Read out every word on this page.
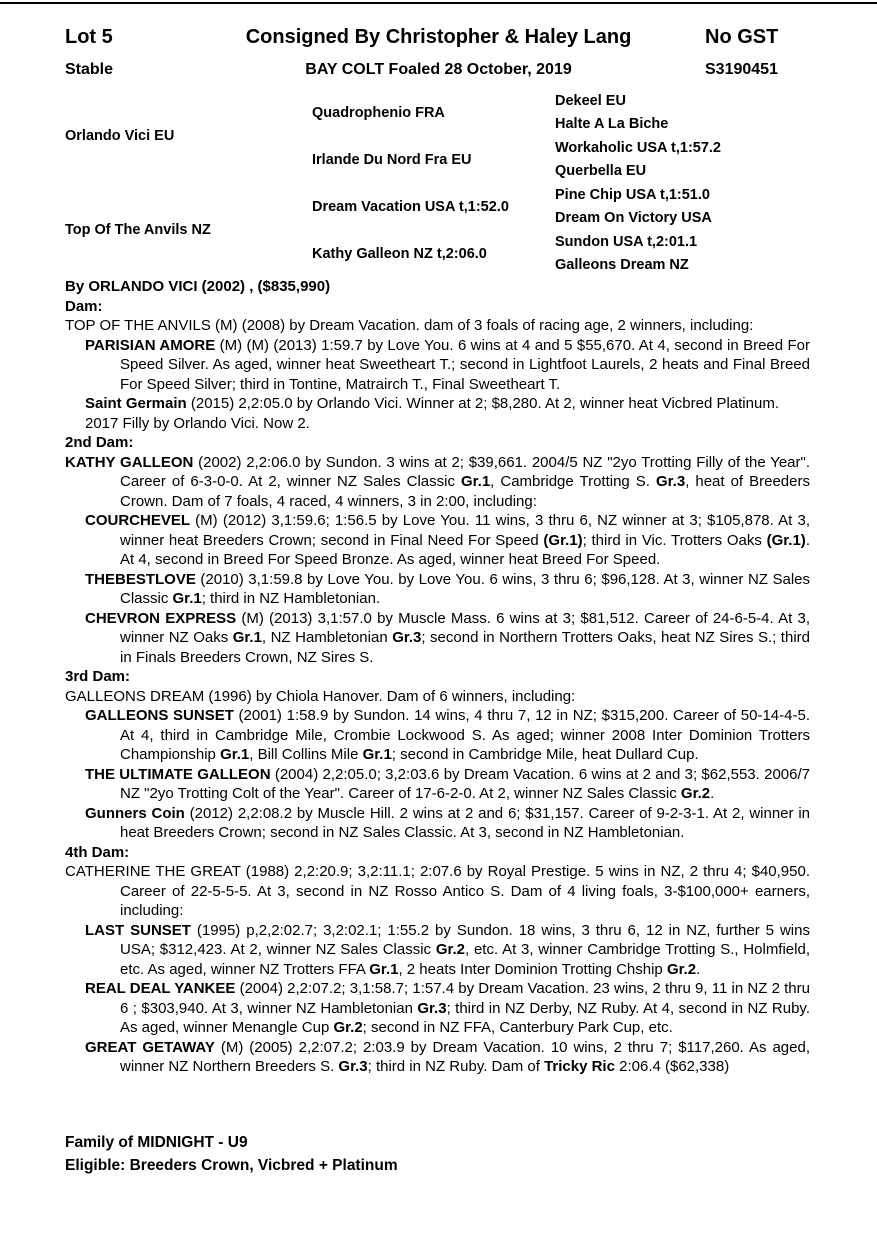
Lot 5	Consigned By Christopher & Haley Lang	No GST
Stable	BAY COLT Foaled 28 October, 2019	S3190451
Orlando Vici EU
Top Of The Anvils NZ
Quadrophenio FRA
Irlande Du Nord Fra EU
Dream Vacation USA t,1:52.0
Kathy Galleon NZ t,2:06.0
Dekeel EU
Halte A La Biche
Workaholic USA t,1:57.2
Querbella EU
Pine Chip USA t,1:51.0
Dream On Victory USA
Sundon USA t,2:01.1
Galleons Dream NZ

By ORLANDO VICI (2002) , ($835,990)

Dam:

TOP OF THE ANVILS (M) (2008) by Dream Vacation. dam of 3 foals of racing age, 2 winners, including:

PARISIAN AMORE (M) (M) (2013) 1:59.7 by Love You. 6 wins at 4 and 5 $55,670. At 4, second in Breed For Speed Silver. As aged, winner heat Sweetheart T.; second in Lightfoot Laurels, 2 heats and Final Breed For Speed Silver; third in Tontine, Matrairch T., Final Sweetheart T.

Saint Germain (2015) 2,2:05.0 by Orlando Vici. Winner at 2; $8,280. At 2, winner heat Vicbred Platinum.

2017 Filly by Orlando Vici. Now 2.

2nd Dam:

KATHY GALLEON (2002) 2,2:06.0 by Sundon. 3 wins at 2; $39,661. 2004/5 NZ "2yo Trotting Filly of the Year". Career of 6-3-0-0. At 2, winner NZ Sales Classic Gr.1, Cambridge Trotting S. Gr.3, heat of Breeders Crown. Dam of 7 foals, 4 raced, 4 winners, 3 in 2:00, including:

COURCHEVEL (M) (2012) 3,1:59.6; 1:56.5 by Love You. 11 wins, 3 thru 6, NZ winner at 3; $105,878. At 3, winner heat Breeders Crown; second in Final Need For Speed (Gr.1); third in Vic. Trotters Oaks (Gr.1). At 4, second in Breed For Speed Bronze. As aged, winner heat Breed For Speed.

THEBESTLOVE (2010) 3,1:59.8 by Love You. by Love You. 6 wins, 3 thru 6; $96,128. At 3, winner NZ Sales Classic Gr.1; third in NZ Hambletonian.

CHEVRON EXPRESS (M) (2013) 3,1:57.0 by Muscle Mass. 6 wins at 3; $81,512. Career of 24-6-5-4. At 3, winner NZ Oaks Gr.1, NZ Hambletonian Gr.3; second in Northern Trotters Oaks, heat NZ Sires S.; third in Finals Breeders Crown, NZ Sires S.

3rd Dam:

GALLEONS DREAM (1996) by Chiola Hanover. Dam of 6 winners, including:

GALLEONS SUNSET (2001) 1:58.9 by Sundon. 14 wins, 4 thru 7, 12 in NZ; $315,200. Career of 50-14-4-5. At 4, third in Cambridge Mile, Crombie Lockwood S. As aged; winner 2008 Inter Dominion Trotters Championship Gr.1, Bill Collins Mile Gr.1; second in Cambridge Mile, heat Dullard Cup.

THE ULTIMATE GALLEON (2004) 2,2:05.0; 3,2:03.6 by Dream Vacation. 6 wins at 2 and 3; $62,553. 2006/7 NZ "2yo Trotting Colt of the Year". Career of 17-6-2-0. At 2, winner NZ Sales Classic Gr.2.

Gunners Coin (2012) 2,2:08.2 by Muscle Hill. 2 wins at 2 and 6; $31,157. Career of 9-2-3-1. At 2, winner in heat Breeders Crown; second in NZ Sales Classic. At 3, second in NZ Hambletonian.

4th Dam:

CATHERINE THE GREAT (1988) 2,2:20.9; 3,2:11.1; 2:07.6 by Royal Prestige. 5 wins in NZ, 2 thru 4; $40,950. Career of 22-5-5-5. At 3, second in NZ Rosso Antico S. Dam of 4 living foals, 3-$100,000+ earners, including:

LAST SUNSET (1995) p,2,2:02.7; 3,2:02.1; 1:55.2 by Sundon. 18 wins, 3 thru 6, 12 in NZ, further 5 wins USA; $312,423. At 2, winner NZ Sales Classic Gr.2, etc. At 3, winner Cambridge Trotting S., Holmfield, etc. As aged, winner NZ Trotters FFA Gr.1, 2 heats Inter Dominion Trotting Chship Gr.2.

REAL DEAL YANKEE (2004) 2,2:07.2; 3,1:58.7; 1:57.4 by Dream Vacation. 23 wins, 2 thru 9, 11 in NZ 2 thru 6 ; $303,940. At 3, winner NZ Hambletonian Gr.3; third in NZ Derby, NZ Ruby. At 4, second in NZ Ruby. As aged, winner Menangle Cup Gr.2; second in NZ FFA, Canterbury Park Cup, etc.

GREAT GETAWAY (M) (2005) 2,2:07.2; 2:03.9 by Dream Vacation. 10 wins, 2 thru 7; $117,260. As aged, winner NZ Northern Breeders S. Gr.3; third in NZ Ruby. Dam of Tricky Ric 2:06.4 ($62,338)

Family of MIDNIGHT - U9
Eligible: Breeders Crown, Vicbred + Platinum
